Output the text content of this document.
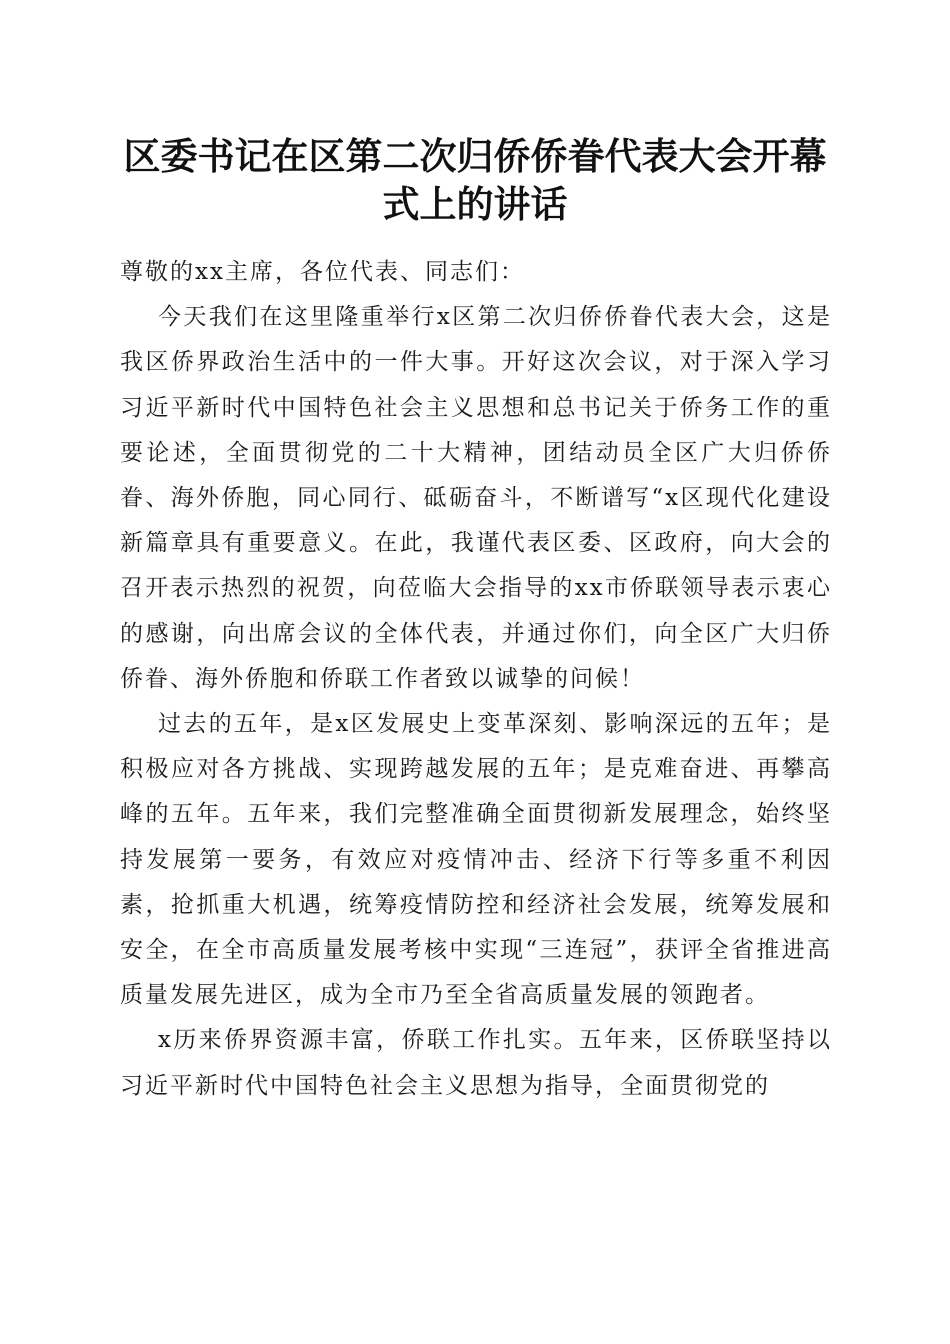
区委书记在区第二次归侨侨眷代表大会开幕式上的讲话

尊敬的xx主席，各位代表、同志们：

今天我们在这里隆重举行x区第二次归侨侨眷代表大会，这是我区侨界政治生活中的一件大事。开好这次会议，对于深入学习习近平新时代中国特色社会主义思想和总书记关于侨务工作的重要论述，全面贯彻党的二十大精神，团结动员全区广大归侨侨眷、海外侨胞，同心同行、砥砺奋斗，不断谱写“x区现代化建设新篇章具有重要意义。在此，我谨代表区委、区政府，向大会的召开表示热烈的祝贺，向莅临大会指导的xx市侨联领导表示衷心的感谢，向出席会议的全体代表，并通过你们，向全区广大归侨侨眷、海外侨胞和侨联工作者致以诚挚的问候！

过去的五年，是x区发展史上变革深刻、影响深远的五年；是积极应对各方挑战、实现跨越发展的五年；是克难奋进、再攀高峰的五年。五年来，我们完整准确全面贯彻新发展理念，始终坚持发展第一要务，有效应对疫情冲击、经济下行等多重不利因素，抢抓重大机遇，统筹疫情防控和经济社会发展，统筹发展和安全，在全市高质量发展考核中实现“三连冠”，获评全省推进高质量发展先进区，成为全市乃至全省高质量发展的领跑者。

x历来侨界资源丰富，侨联工作扎实。五年来，区侨联坚持以习近平新时代中国特色社会主义思想为指导，全面贯彻党的
